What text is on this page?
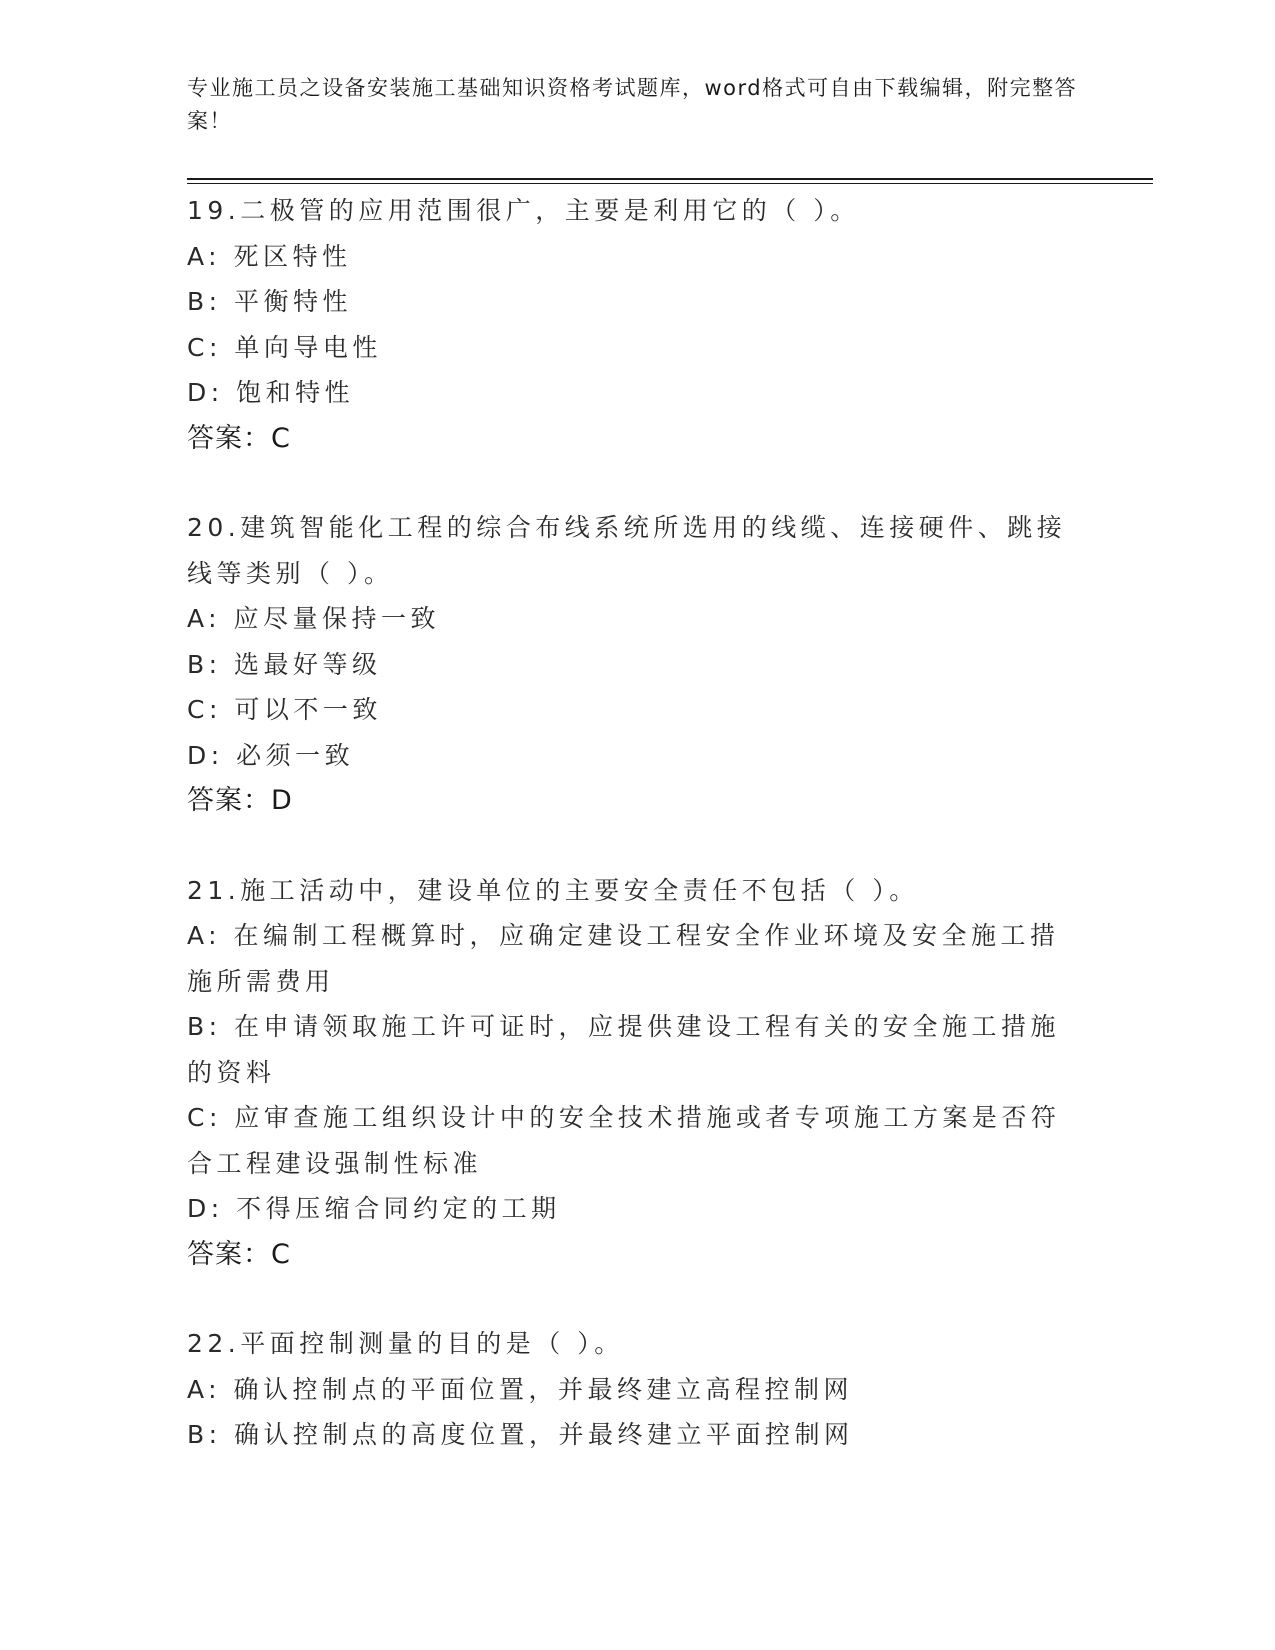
专业施工员之设备安装施工基础知识资格考试题库，word格式可自由下载编辑，附完整答案！
19.二极管的应用范围很广，主要是利用它的（ ）。
A: 死区特性
B: 平衡特性
C: 单向导电性
D: 饱和特性
答案：C
20.建筑智能化工程的综合布线系统所选用的线缆、连接硬件、跳接线等类别（ ）。
A: 应尽量保持一致
B: 选最好等级
C: 可以不一致
D: 必须一致
答案：D
21.施工活动中，建设单位的主要安全责任不包括（ ）。
A: 在编制工程概算时，应确定建设工程安全作业环境及安全施工措施所需费用
B: 在申请领取施工许可证时，应提供建设工程有关的安全施工措施的资料
C: 应审查施工组织设计中的安全技术措施或者专项施工方案是否符合工程建设强制性标准
D: 不得压缩合同约定的工期
答案：C
22.平面控制测量的目的是（ ）。
A: 确认控制点的平面位置，并最终建立高程控制网
B: 确认控制点的高度位置，并最终建立平面控制网
